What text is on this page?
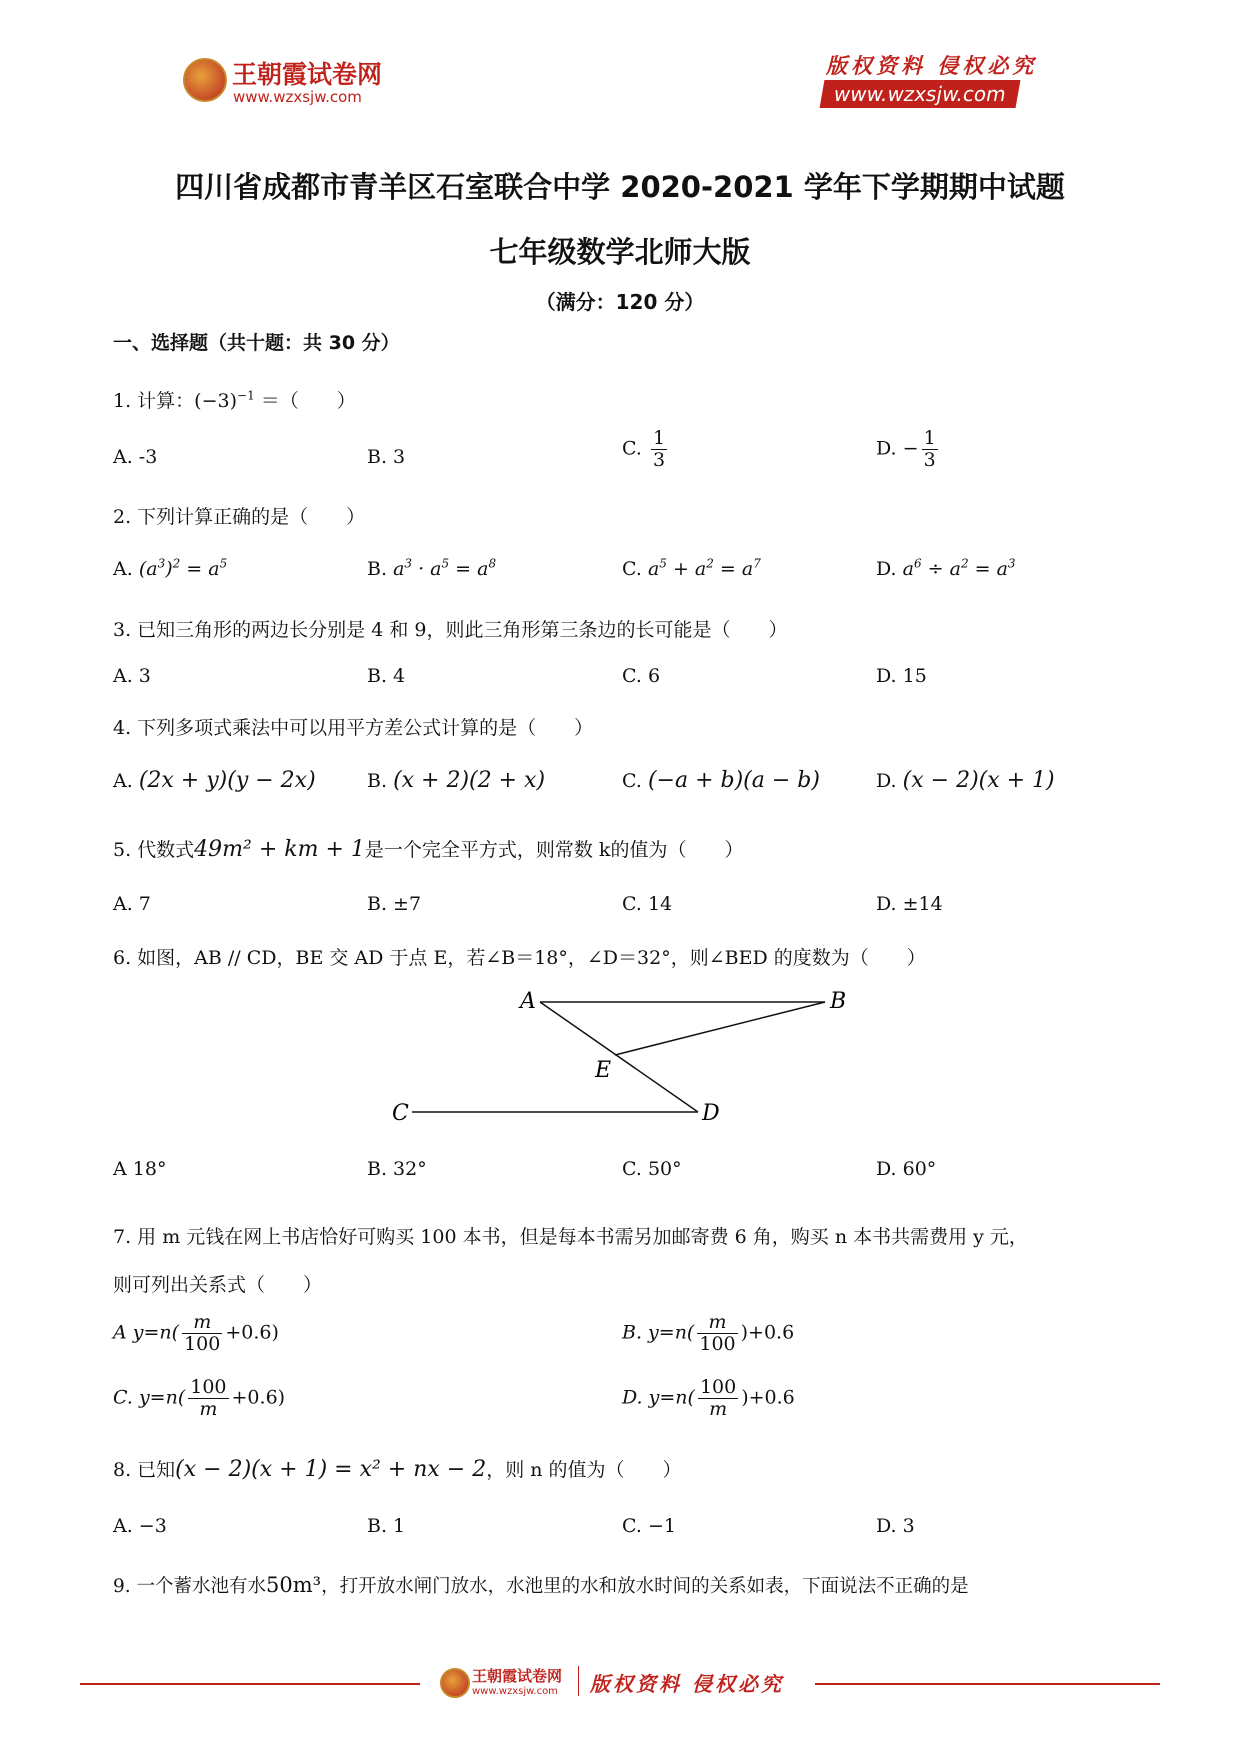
王朝霞试卷网
www.wzxsjw.com
版权资料 侵权必究
www.wzxsjw.com
四川省成都市青羊区石室联合中学 2020-2021 学年下学期期中试题
七年级数学北师大版
（满分：120 分）
一、选择题（共十题：共 30 分）
1. 计算：$(-3)^{-1}$ ＝（　　）
A. -3	B. 3	C. $\frac{1}{3}$	D. − $\frac{1}{3}$
2. 下列计算正确的是（　　）
A. $(a^3)^2 = a^5$	B. $a^3 \cdot a^5 = a^8$	C. $a^5 + a^2 = a^7$	D. $a^6 \div a^2 = a^3$
3. 已知三角形的两边长分别是 4 和 9，则此三角形第三条边的长可能是（　　）
A. 3	B. 4	C. 6	D. 15
4. 下列多项式乘法中可以用平方差公式计算的是（　　）
A. (2x + y)(y − 2x)	B. (x + 2)(2 + x)	C. (−a + b)(a − b)	D. (x − 2)(x + 1)
5. 代数式49m² + km + 1是一个完全平方式，则常数 k的值为（　　）
A. 7	B. ±7	C. 14	D. ±14
6. 如图，AB // CD，BE 交 AD 于点 E，若∠B＝18°，∠D＝32°，则∠BED 的度数为（　　）
A	B
E
C	D
A 18°	B. 32°	C. 50°	D. 60°
7. 用 m 元钱在网上书店恰好可购买 100 本书，但是每本书需另加邮寄费 6 角，购买 n 本书共需费用 y 元，
则可列出关系式（　　）
A $y=n( \frac{m}{100} +0.6)$	B. $y=n( \frac{m}{100} )+0.6$
C. $y=n( \frac{100}{m} +0.6)$	D. $y=n( \frac{100}{m} )+0.6$
8. 已知(x − 2)(x + 1) = x² + nx − 2，则 n 的值为（　　）
A. −3	B. 1	C. −1	D. 3
9. 一个蓄水池有水50m³，打开放水闸门放水，水池里的水和放水时间的关系如表，下面说法不正确的是
王朝霞试卷网
www.wzxsjw.com 版权资料 侵权必究
